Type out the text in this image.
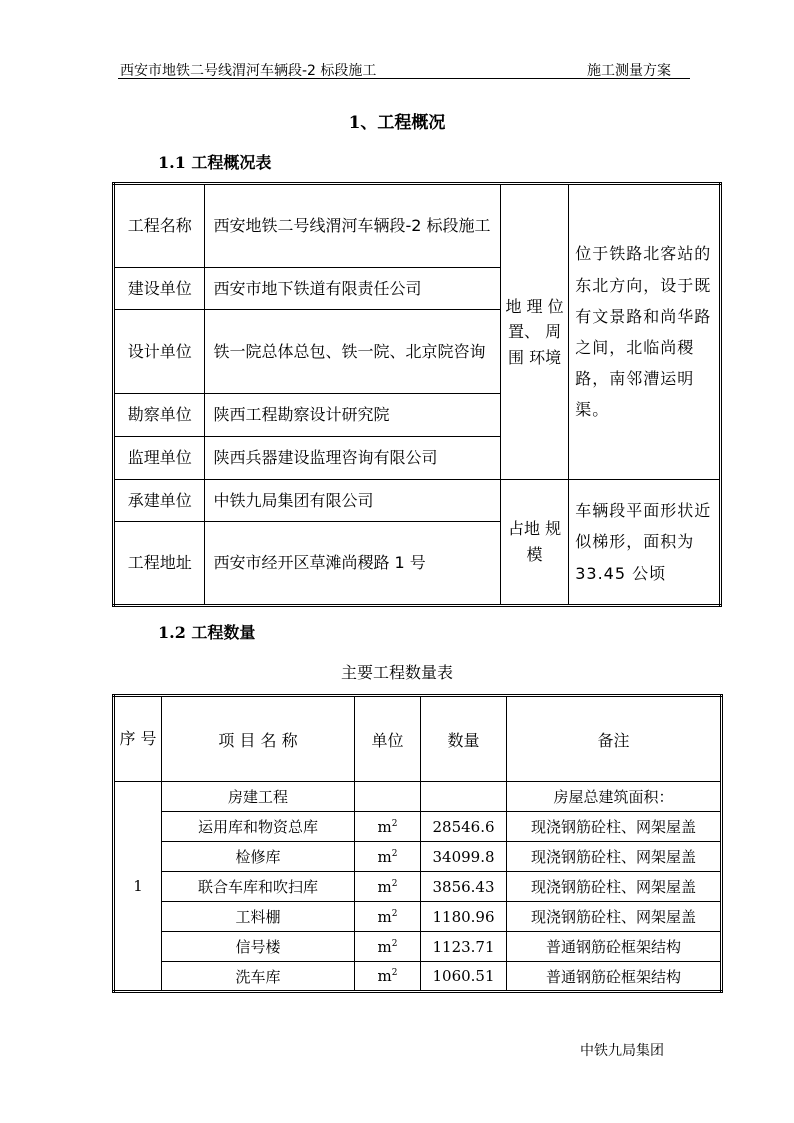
西安市地铁二号线渭河车辆段-2 标段施工	施工测量方案
1、工程概况
1.1 工程概况表
工程名称	西安地铁二号线渭河车辆段-2 标段施工	地 理 位置、 周 围 环境	位于铁路北客站的东北方向，设于既有文景路和尚华路之间，北临尚稷路，南邻漕运明渠。
建设单位	西安市地下铁道有限责任公司		
设计单位	铁一院总体总包、铁一院、北京院咨询		
勘察单位	陕西工程勘察设计研究院		
监理单位	陕西兵器建设监理咨询有限公司		
承建单位	中铁九局集团有限公司	占地 规模	车辆段平面形状近似梯形，面积为 33.45 公顷
工程地址	西安市经开区草滩尚稷路 1 号		
1.2 工程数量
主要工程数量表
序 号	项 目 名 称	单位	数量	备注
1	房建工程			房屋总建筑面积：
	运用库和物资总库	$m^2$	28546.6	现浇钢筋砼柱、网架屋盖
	检修库	$m^2$	34099.8	现浇钢筋砼柱、网架屋盖
	联合车库和吹扫库	$m^2$	3856.43	现浇钢筋砼柱、网架屋盖
	工料棚	$m^2$	1180.96	现浇钢筋砼柱、网架屋盖
	信号楼	$m^2$	1123.71	普通钢筋砼框架结构
	洗车库	$m^2$	1060.51	普通钢筋砼框架结构
中铁九局集团
